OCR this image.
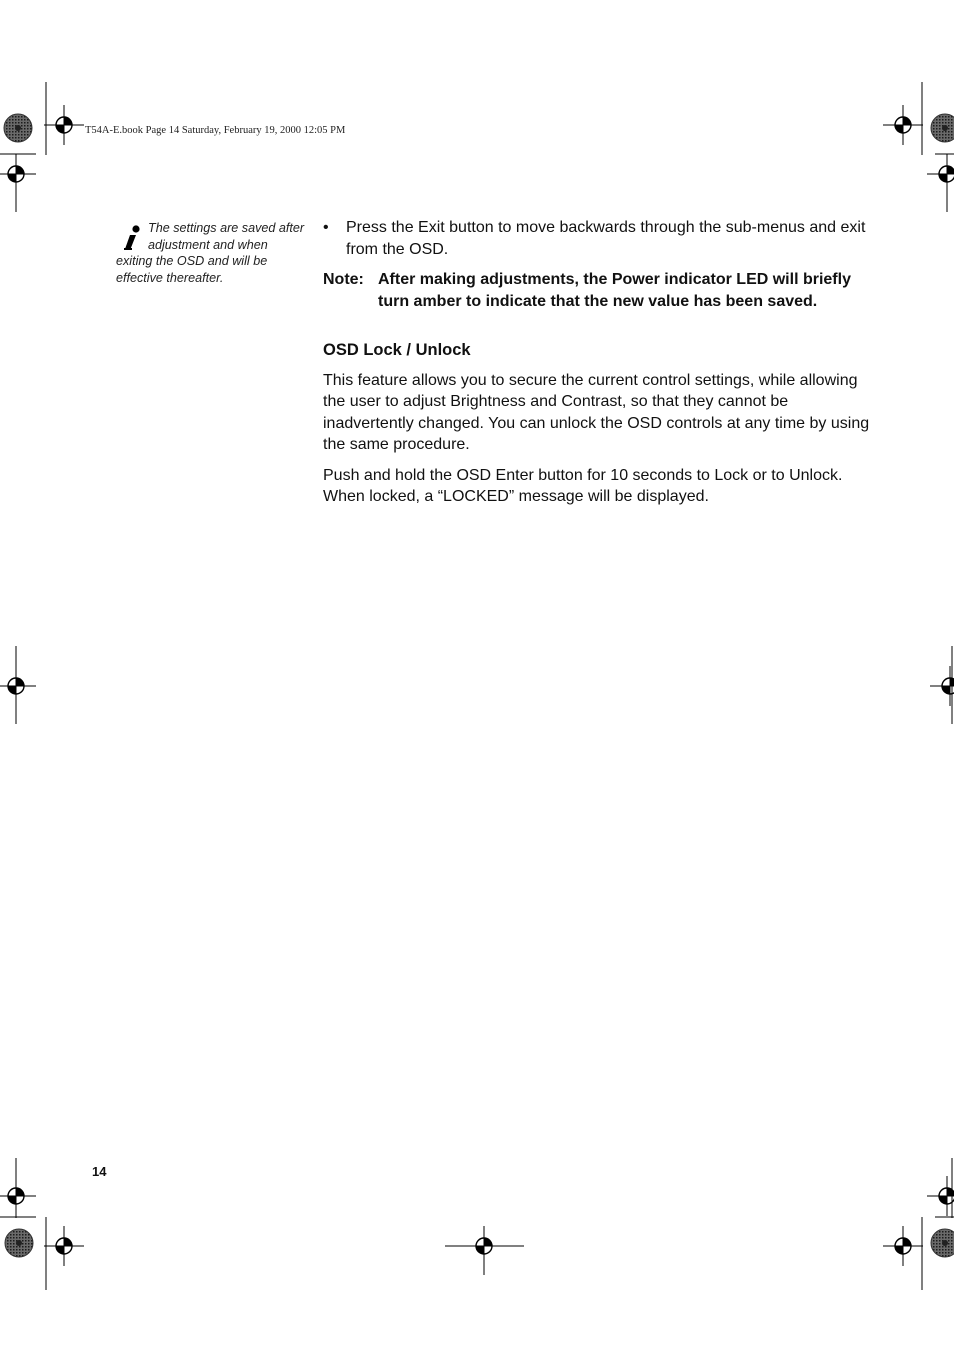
T54A-E.book Page 14 Saturday, February 19, 2000 12:05 PM
The settings are saved after adjustment and when exiting the OSD and will be effective thereafter.
•	Press the Exit button to move backwards through the sub-menus and exit from the OSD.
Note: After making adjustments, the Power indicator LED will briefly turn amber to indicate that the new value has been saved.
OSD Lock / Unlock
This feature allows you to secure the current control settings, while allowing the user to adjust Brightness and Contrast, so that they cannot be inadvertently changed. You can unlock the OSD controls at any time by using the same procedure.
Push and hold the OSD Enter button for 10 seconds to Lock or to Unlock. When locked, a “LOCKED” message will be displayed.
14
